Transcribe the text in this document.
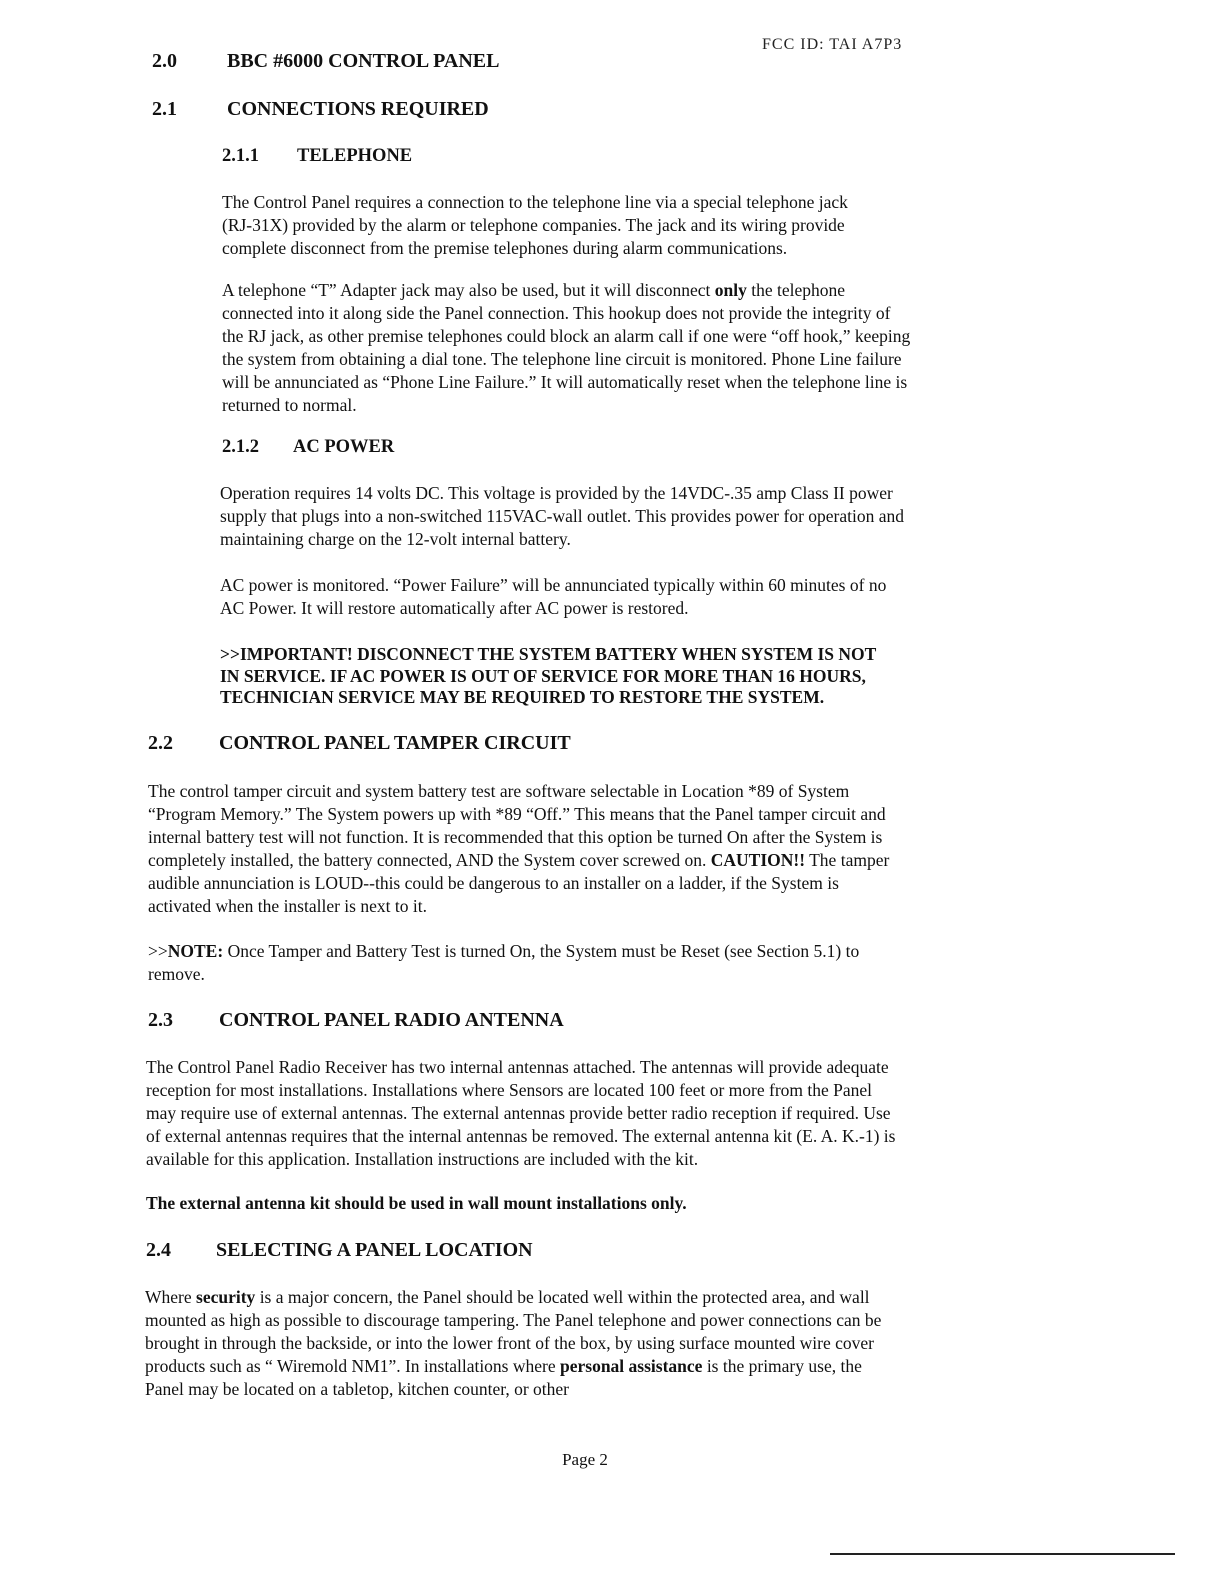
FCC ID: TAI A7P3
2.0	BBC #6000 CONTROL PANEL
2.1	CONNECTIONS REQUIRED
2.1.1 TELEPHONE
The Control Panel requires a connection to the telephone line via a special telephone jack
(RJ-31X) provided by the alarm or telephone companies. The jack and its wiring provide
complete disconnect from the premise telephones during alarm communications.
A telephone “T” Adapter jack may also be used, but it will disconnect only the telephone
connected into it along side the Panel connection. This hookup does not provide the integrity of
the RJ jack, as other premise telephones could block an alarm call if one were “off hook,” keeping
the system from obtaining a dial tone. The telephone line circuit is monitored. Phone Line failure
will be annunciated as “Phone Line Failure.” It will automatically reset when the telephone line is
returned to normal.
2.1.2 AC POWER
Operation requires 14 volts DC. This voltage is provided by the 14VDC-.35 amp Class II power
supply that plugs into a non-switched 115VAC-wall outlet. This provides power for operation and
maintaining charge on the 12-volt internal battery.
AC power is monitored. “Power Failure” will be annunciated typically within 60 minutes of no
AC Power. It will restore automatically after AC power is restored.
>>IMPORTANT! DISCONNECT THE SYSTEM BATTERY WHEN SYSTEM IS NOT
IN SERVICE. IF AC POWER IS OUT OF SERVICE FOR MORE THAN 16 HOURS,
TECHNICIAN SERVICE MAY BE REQUIRED TO RESTORE THE SYSTEM.
2.2 CONTROL PANEL TAMPER CIRCUIT
The control tamper circuit and system battery test are software selectable in Location *89 of System
“Program Memory.” The System powers up with *89 “Off.” This means that the Panel tamper circuit and
internal battery test will not function. It is recommended that this option be turned On after the System is
completely installed, the battery connected, AND the System cover screwed on. CAUTION!! The tamper
audible annunciation is LOUD--this could be dangerous to an installer on a ladder, if the System is
activated when the installer is next to it.
>>NOTE: Once Tamper and Battery Test is turned On, the System must be Reset (see Section 5.1) to
remove.
2.3 CONTROL PANEL RADIO ANTENNA
The Control Panel Radio Receiver has two internal antennas attached. The antennas will provide adequate
reception for most installations. Installations where Sensors are located 100 feet or more from the Panel
may require use of external antennas. The external antennas provide better radio reception if required. Use
of external antennas requires that the internal antennas be removed. The external antenna kit (E. A. K.-1) is
available for this application. Installation instructions are included with the kit.
The external antenna kit should be used in wall mount installations only.
2.4 SELECTING A PANEL LOCATION
Where security is a major concern, the Panel should be located well within the protected area, and wall
mounted as high as possible to discourage tampering. The Panel telephone and power connections can be
brought in through the backside, or into the lower front of the box, by using surface mounted wire cover
products such as “ Wiremold NM1”. In installations where personal assistance is the primary use, the
Panel may be located on a tabletop, kitchen counter, or other
Page 2
